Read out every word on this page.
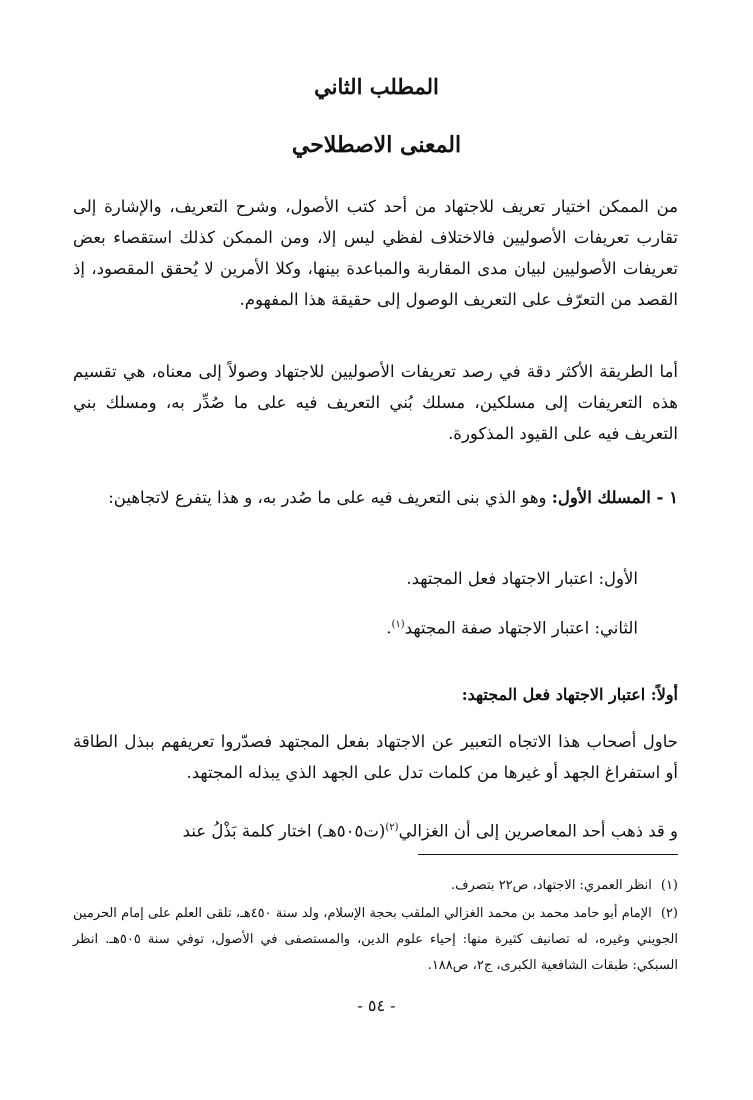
المطلب الثاني
المعنى الاصطلاحي

من الممكن اختيار تعريف للاجتهاد من أحد كتب الأصول، وشرح التعريف، والإشارة إلى تقارب تعريفات الأصوليين فالاختلاف لفظي ليس إلا، ومن الممكن كذلك استقصاء بعض تعريفات الأصوليين لبيان مدى المقاربة والمباعدة بينها، وكلا الأمرين لا يُحقق المقصود، إذ القصد من التعرّف على التعريف الوصول إلى حقيقة هذا المفهوم.

أما الطريقة الأكثر دقة في رصد تعريفات الأصوليين للاجتهاد وصولاً إلى معناه، هي تقسيم هذه التعريفات إلى مسلكين، مسلك بُني التعريف فيه على ما صُدِّر به، ومسلك بني التعريف فيه على القيود المذكورة.

١ - المسلك الأول: وهو الذي بنى التعريف فيه على ما صُدر به، و هذا يتفرع لاتجاهين:

الأول: اعتبار الاجتهاد فعل المجتهد.

الثاني: اعتبار الاجتهاد صفة المجتهد$^{(١)}$.

أولاً: اعتبار الاجتهاد فعل المجتهد:

حاول أصحاب هذا الاتجاه التعبير عن الاجتهاد بفعل المجتهد فصدّروا تعريفهم ببذل الطاقة أو استفراغ الجهد أو غيرها من كلمات تدل على الجهد الذي يبذله المجتهد.

و قد ذهب أحد المعاصرين إلى أن الغزالي$^{(٢)}$(ت٥٠٥هـ) اختار كلمة بَذْلُ عند

(١) انظر العمري: الاجتهاد، ص٢٢ بتصرف.

(٢) الإمام أبو حامد محمد بن محمد الغزالي الملقب بحجة الإسلام، ولد سنة ٤٥٠هـ، تلقى العلم على إمام الحرمين الجويني وغيره، له تصانيف كثيرة منها: إحياء علوم الدين، والمستصفى في الأصول، توفي سنة ٥٠٥هـ. انظر السبكي: طبقات الشافعية الكبرى، ج٢، ص١٨٨.

- ٥٤ -
